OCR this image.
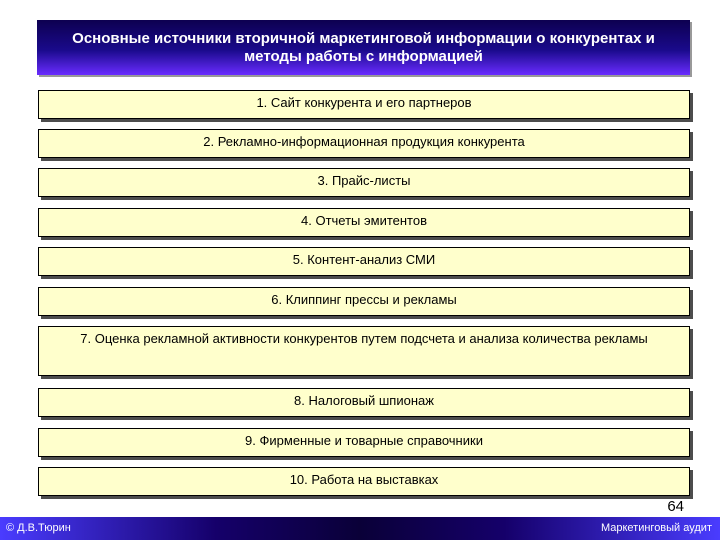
Основные источники вторичной маркетинговой информации о конкурентах и методы работы с информацией
1. Сайт конкурента и его партнеров
2. Рекламно-информационная продукция конкурента
3. Прайс-листы
4. Отчеты эмитентов
5. Контент-анализ СМИ
6. Клиппинг прессы и рекламы
7. Оценка рекламной активности конкурентов путем подсчета и анализа количества рекламы
8. Налоговый шпионаж
9. Фирменные и товарные справочники
10. Работа на выставках
64
© Д.В.Тюрин	Маркетинговый аудит
